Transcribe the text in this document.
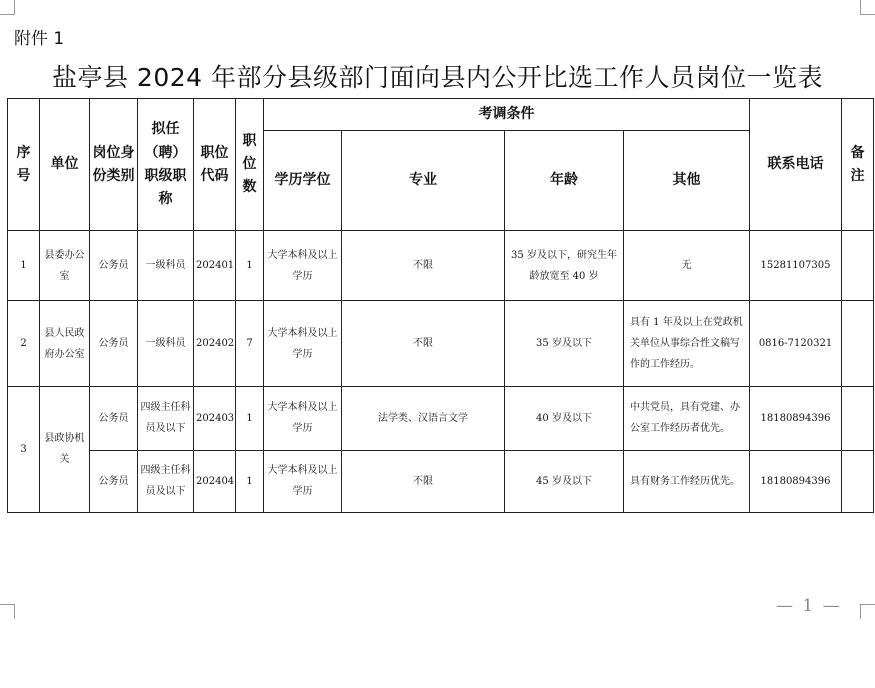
附件 1
盐亭县 2024 年部分县级部门面向县内公开比选工作人员岗位一览表
序号	单位	岗位身份类别	拟任（聘）职级职称	职位代码	职位数	考调条件				联系电话	备注
						学历学位	专业	年龄	其他		
1	县委办公室	公务员	一级科员	202401	1	大学本科及以上学历	不限	35 岁及以下，研究生年龄放宽至 40 岁	无	15281107305	
2	县人民政府办公室	公务员	一级科员	202402	7	大学本科及以上学历	不限	35 岁及以下	具有 1 年及以上在党政机关单位从事综合性文稿写作的工作经历。	0816-7120321	
3	县政协机关	公务员	四级主任科员及以下	202403	1	大学本科及以上学历	法学类、汉语言文学	40 岁及以下	中共党员，具有党建、办公室工作经历者优先。	18180894396	
		公务员	四级主任科员及以下	202404	1	大学本科及以上学历	不限	45 岁及以下	具有财务工作经历优先。	18180894396	
— 1 —
